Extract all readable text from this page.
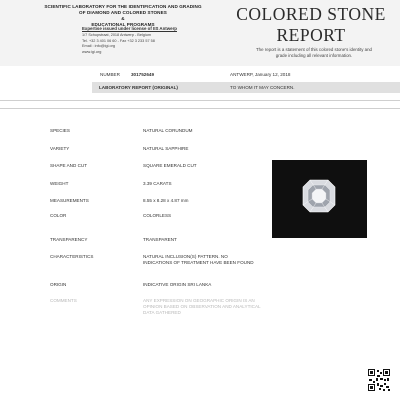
SCIENTIFIC LABORATORY FOR THE IDENTIFICATION AND GRADING
OF DIAMOND AND COLORED STONES
&
EDUCATIONAL PROGRAMS
Expertise issued under license of IIS Antwerp
1/7 Schupstraat, 2018 Antwerp - Belgium
Tel. +32 3 401 06 60 - Fax +32 3 233 57 58
Email : info@igi.org
www.igi.org
COLORED STONE
REPORT
The report is a statement of this colored stone's identity and grade including all relevant information.
NUMBER 301752649	ANTWERP, January 12, 2018
LABORATORY REPORT (ORIGINAL)	TO WHOM IT MAY CONCERN.
SPECIES	NATURAL CORUNDUM
VARIETY	NATURAL SAPPHIRE
SHAPE AND CUT	SQUARE EMERALD CUT
WEIGHT	3.39 CARATS
MEASUREMENTS	8.55 x 8.28 x 4.87 mm
COLOR	COLORLESS
TRANSPARENCY	TRANSPARENT
CHARACTERISTICS	NATURAL INCLUSION(S) PATTERN. NO INDICATIONS OF TREATMENT HAVE BEEN FOUND
ORIGIN	INDICATIVE ORIGIN SRI LANKA
COMMENTS	ANY EXPRESSION ON GEOGRAPHIC ORIGIN IS AN OPINION BASED ON OBSERVATION AND ANALYTICAL DATA GATHERED
